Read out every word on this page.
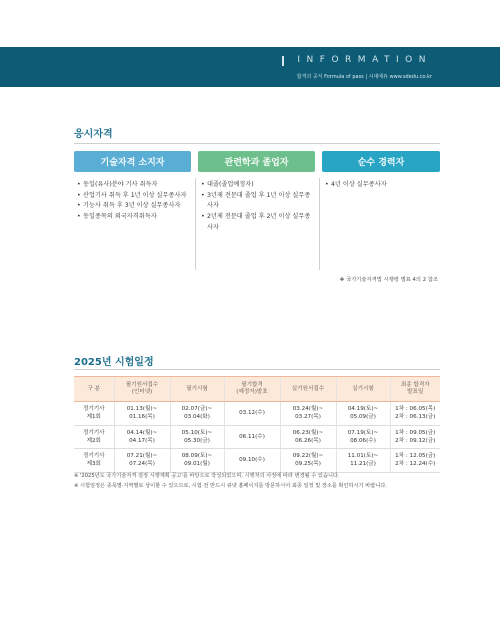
INFORMATION
합격의 공식 Formula of pass | 시대에듀 www.sdedu.co.kr
응시자격
기술자격 소지자	관련학과 졸업자	순수 경력자
• 동일(유사)분야 기사 취득자
• 산업기사 취득 후 1년 이상 실무종사자
• 기능사 취득 후 3년 이상 실무종사자
• 동일종목의 외국자격취득자
• 대졸(졸업예정자)
• 3년제 전문대 졸업 후 1년 이상 실무종사자
• 2년제 전문대 졸업 후 2년 이상 실무종사자
• 4년 이상 실무종사자
❖ 국가기술자격법 시행령 별표 4의 2 참조
2025년 시험일정
구 분	필기원서접수
(인터넷)	필기시험	필기합격
(예정자)발표	실기원서접수	실기시험	최종 합격자
발표일
정기기사
제1회	01.13(월)~
01.16(목)	02.07(금)~
03.04(화)	03.12(수)	03.24(월)~
03.27(목)	04.19(토)~
05.09(금)	1차 : 06.05(목)
2차 : 06.13(금)
정기기사
제2회	04.14(월)~
04.17(목)	05.10(토)~
05.30(금)	06.11(수)	06.23(월)~
06.26(목)	07.19(토)~
08.06(수)	1차 : 09.05(금)
2차 : 09.12(금)
정기기사
제3회	07.21(월)~
07.24(목)	08.09(토)~
09.01(월)	09.10(수)	09.22(월)~
09.25(목)	11.01(토)~
11.21(금)	1차 : 12.05(금)
2차 : 12.24(수)
※ '2025년도 국가기술자격 검정 시행계획 공고'를 바탕으로 작성되었으며, 시행처의 사정에 따라 변경될 수 있습니다.
※ 시험일정은 종목별·지역별로 상이할 수 있으므로, 시험 전 반드시 큐넷 홈페이지를 방문하시어 최종 일정 및 장소를 확인하시기 바랍니다.
